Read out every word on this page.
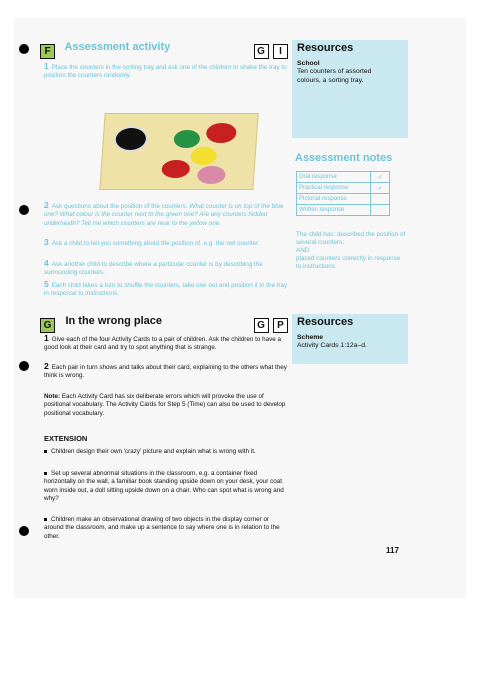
F $^{Assessment activity}$	G I
1 Place the counters in the sorting tray and ask one of the children to shake the tray to position the counters randomly.
2 Ask questions about the position of the counters. What counter is on top of the blue one? What colour is the counter next to the green one? Are any counters hidden underneath? Tell me which counters are near to the yellow one.
3 Ask a child to tell you something about the position of, e.g. the red counter.
4 Ask another child to describe where a particular counter is by describing the surrounding counters.
5 Each child takes a turn to shuffle the counters, take one out and position it in the tray in response to instructions.
Resources
School
Ten counters of assorted colours, a sorting tray.
Assessment notes
Oral response	✓
Practical response	✓
Pictorial response	
Written response	
The child has: described the position of several counters;
AND
placed counters correctly in response to instructions.
G $^{In the wrong place}$	G P
1 Give each of the four Activity Cards to a pair of children. Ask the children to have a good look at their card and try to spot anything that is strange.
2 Each pair in turn shows and talks about their card, explaining to the others what they think is wrong.
Note: Each Activity Card has six deliberate errors which will provoke the use of positional vocabulary. The Activity Cards for Step 5 (Time) can also be used to develop positional vocabulary.
EXTENSION
Children design their own 'crazy' picture and explain what is wrong with it.
Set up several abnormal situations in the classroom, e.g. a container fixed horizontally on the wall, a familiar book standing upside down on your desk, your coat worn inside out, a doll sitting upside down on a chair. Who can spot what is wrong and why?
Children make an observational drawing of two objects in the display corner or around the classroom, and make up a sentence to say where one is in relation to the other.
Resources
Scheme
Activity Cards 1:12a–d.
117
